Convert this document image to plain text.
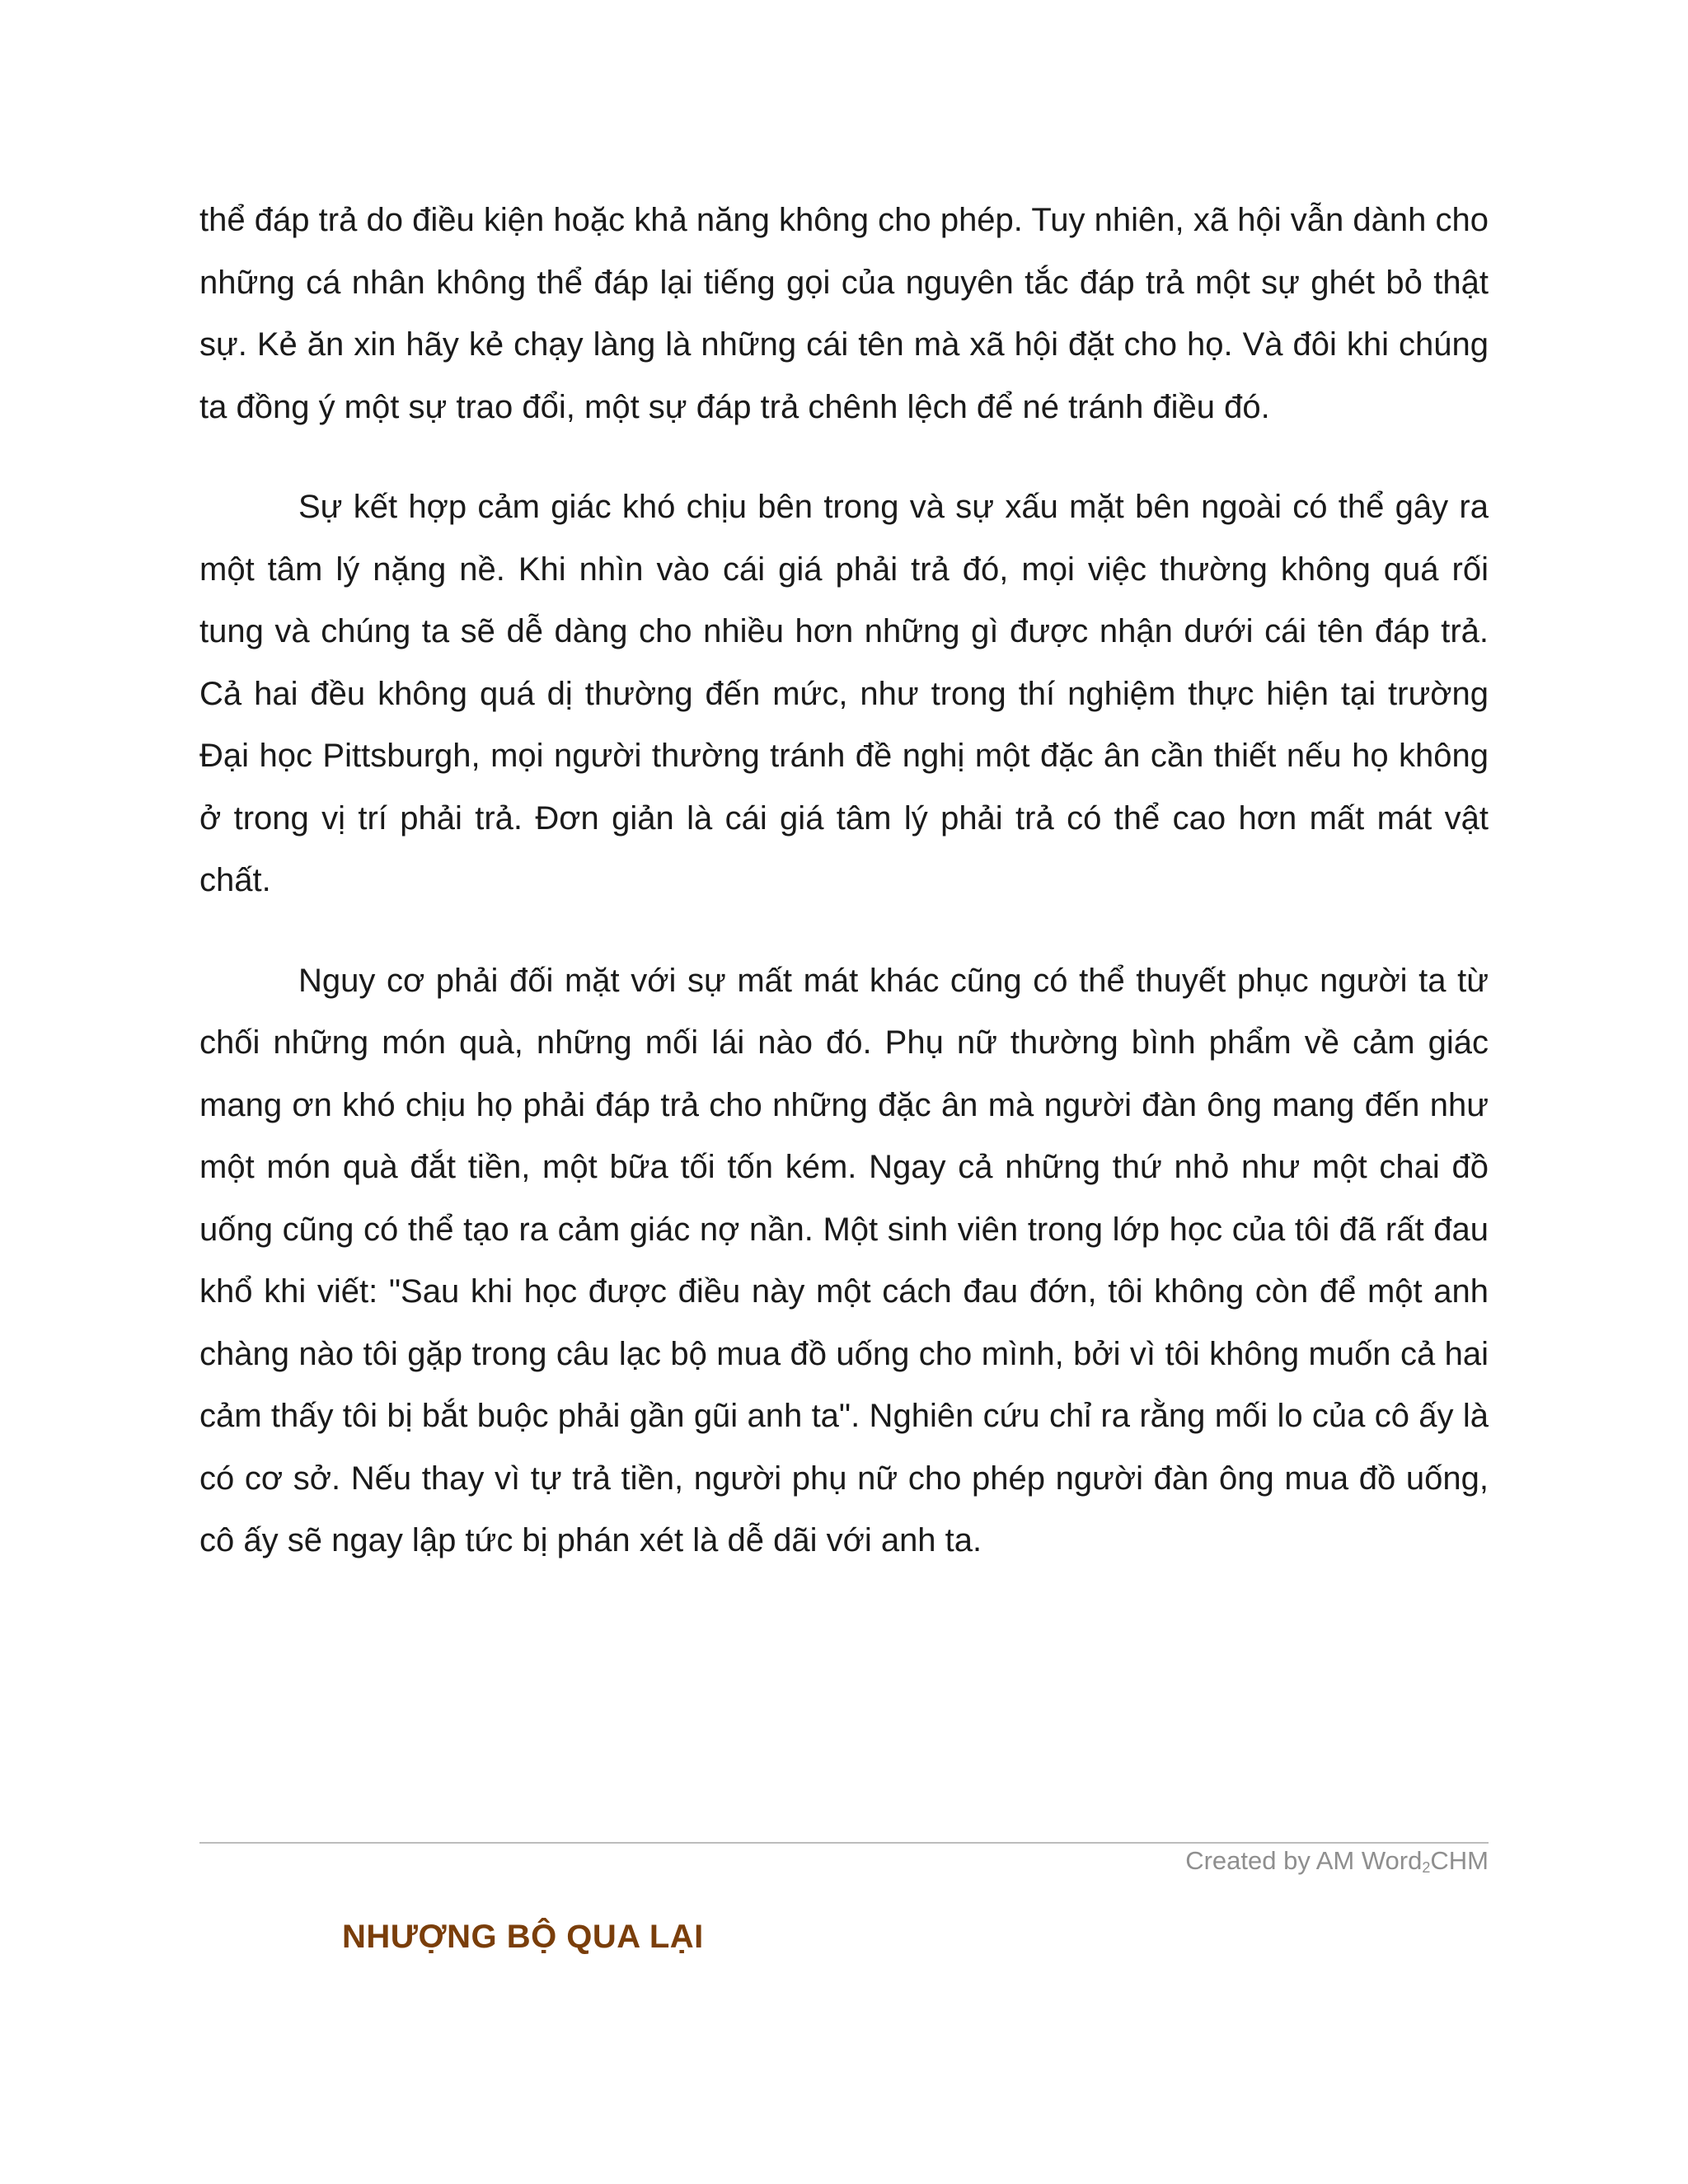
thể đáp trả do điều kiện hoặc khả năng không cho phép. Tuy nhiên, xã hội vẫn dành cho những cá nhân không thể đáp lại tiếng gọi của nguyên tắc đáp trả một sự ghét bỏ thật sự. Kẻ ăn xin hãy kẻ chạy làng là những cái tên mà xã hội đặt cho họ. Và đôi khi chúng ta đồng ý một sự trao đổi, một sự đáp trả chênh lệch để né tránh điều đó.

Sự kết hợp cảm giác khó chịu bên trong và sự xấu mặt bên ngoài có thể gây ra một tâm lý nặng nề. Khi nhìn vào cái giá phải trả đó, mọi việc thường không quá rối tung và chúng ta sẽ dễ dàng cho nhiều hơn những gì được nhận dưới cái tên đáp trả. Cả hai đều không quá dị thường đến mức, như trong thí nghiệm thực hiện tại trường Đại học Pittsburgh, mọi người thường tránh đề nghị một đặc ân cần thiết nếu họ không ở trong vị trí phải trả. Đơn giản là cái giá tâm lý phải trả có thể cao hơn mất mát vật chất.

Nguy cơ phải đối mặt với sự mất mát khác cũng có thể thuyết phục người ta từ chối những món quà, những mối lái nào đó. Phụ nữ thường bình phẩm về cảm giác mang ơn khó chịu họ phải đáp trả cho những đặc ân mà người đàn ông mang đến như một món quà đắt tiền, một bữa tối tốn kém. Ngay cả những thứ nhỏ như một chai đồ uống cũng có thể tạo ra cảm giác nợ nần. Một sinh viên trong lớp học của tôi đã rất đau khổ khi viết: "Sau khi học được điều này một cách đau đớn, tôi không còn để một anh chàng nào tôi gặp trong câu lạc bộ mua đồ uống cho mình, bởi vì tôi không muốn cả hai cảm thấy tôi bị bắt buộc phải gần gũi anh ta". Nghiên cứu chỉ ra rằng mối lo của cô ấy là có cơ sở. Nếu thay vì tự trả tiền, người phụ nữ cho phép người đàn ông mua đồ uống, cô ấy sẽ ngay lập tức bị phán xét là dễ dãi với anh ta.

Created by AM Word$_2$CHM
NHƯỢNG BỘ QUA LẠI
